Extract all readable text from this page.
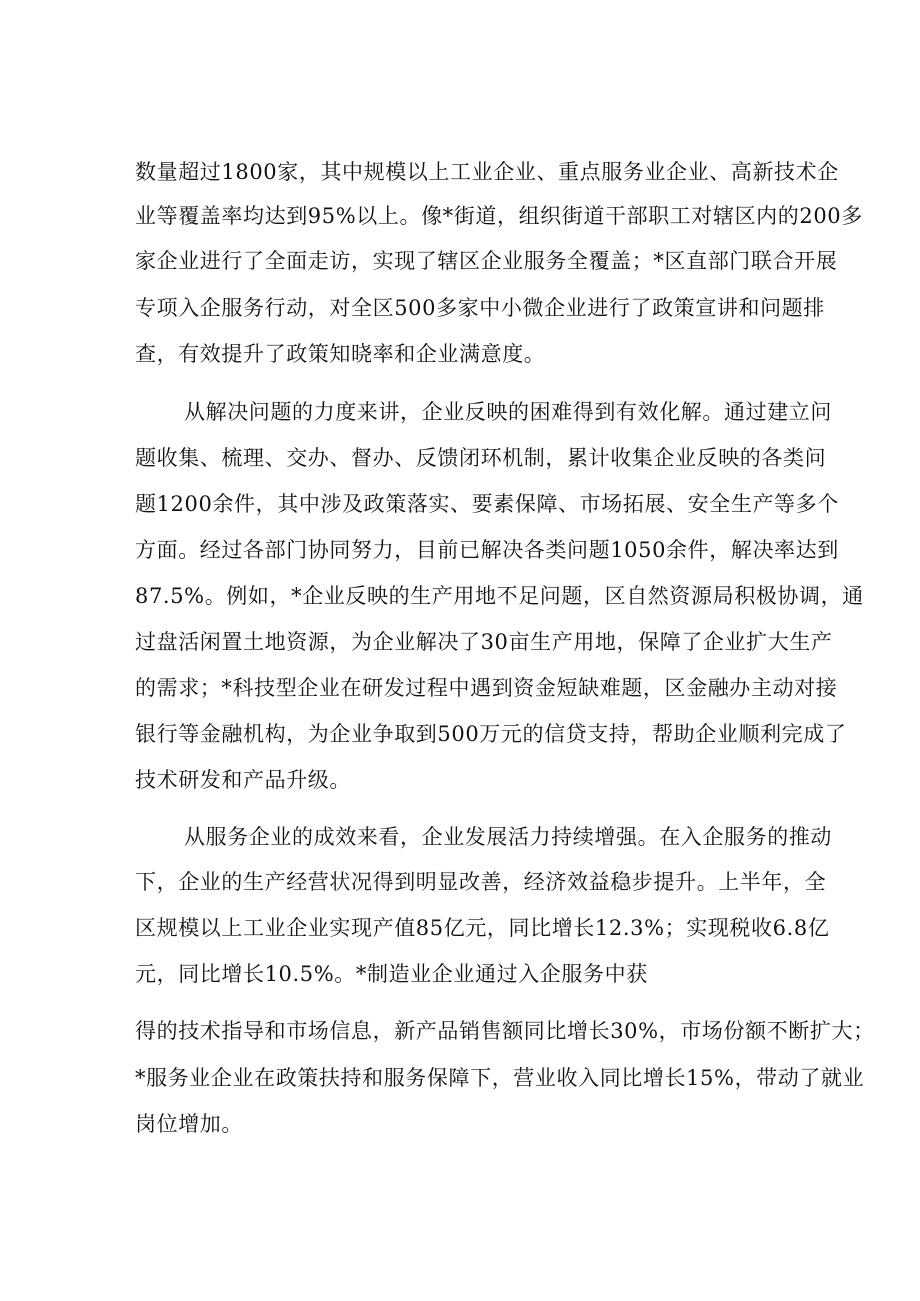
数量超过1800家，其中规模以上工业企业、重点服务业企业、高新技术企
业等覆盖率均达到95%以上。像*街道，组织街道干部职工对辖区内的200多
家企业进行了全面走访，实现了辖区企业服务全覆盖；*区直部门联合开展
专项入企服务行动，对全区500多家中小微企业进行了政策宣讲和问题排
查，有效提升了政策知晓率和企业满意度。
从解决问题的力度来讲，企业反映的困难得到有效化解。通过建立问
题收集、梳理、交办、督办、反馈闭环机制，累计收集企业反映的各类问
题1200余件，其中涉及政策落实、要素保障、市场拓展、安全生产等多个
方面。经过各部门协同努力，目前已解决各类问题1050余件，解决率达到
87.5%。例如，*企业反映的生产用地不足问题，区自然资源局积极协调，通
过盘活闲置土地资源，为企业解决了30亩生产用地，保障了企业扩大生产
的需求；*科技型企业在研发过程中遇到资金短缺难题，区金融办主动对接
银行等金融机构，为企业争取到500万元的信贷支持，帮助企业顺利完成了
技术研发和产品升级。
从服务企业的成效来看，企业发展活力持续增强。在入企服务的推动
下，企业的生产经营状况得到明显改善，经济效益稳步提升。上半年，全
区规模以上工业企业实现产值85亿元，同比增长12.3%；实现税收6.8亿
元，同比增长10.5%。*制造业企业通过入企服务中获
得的技术指导和市场信息，新产品销售额同比增长30%，市场份额不断扩大；
*服务业企业在政策扶持和服务保障下，营业收入同比增长15%，带动了就业
岗位增加。
